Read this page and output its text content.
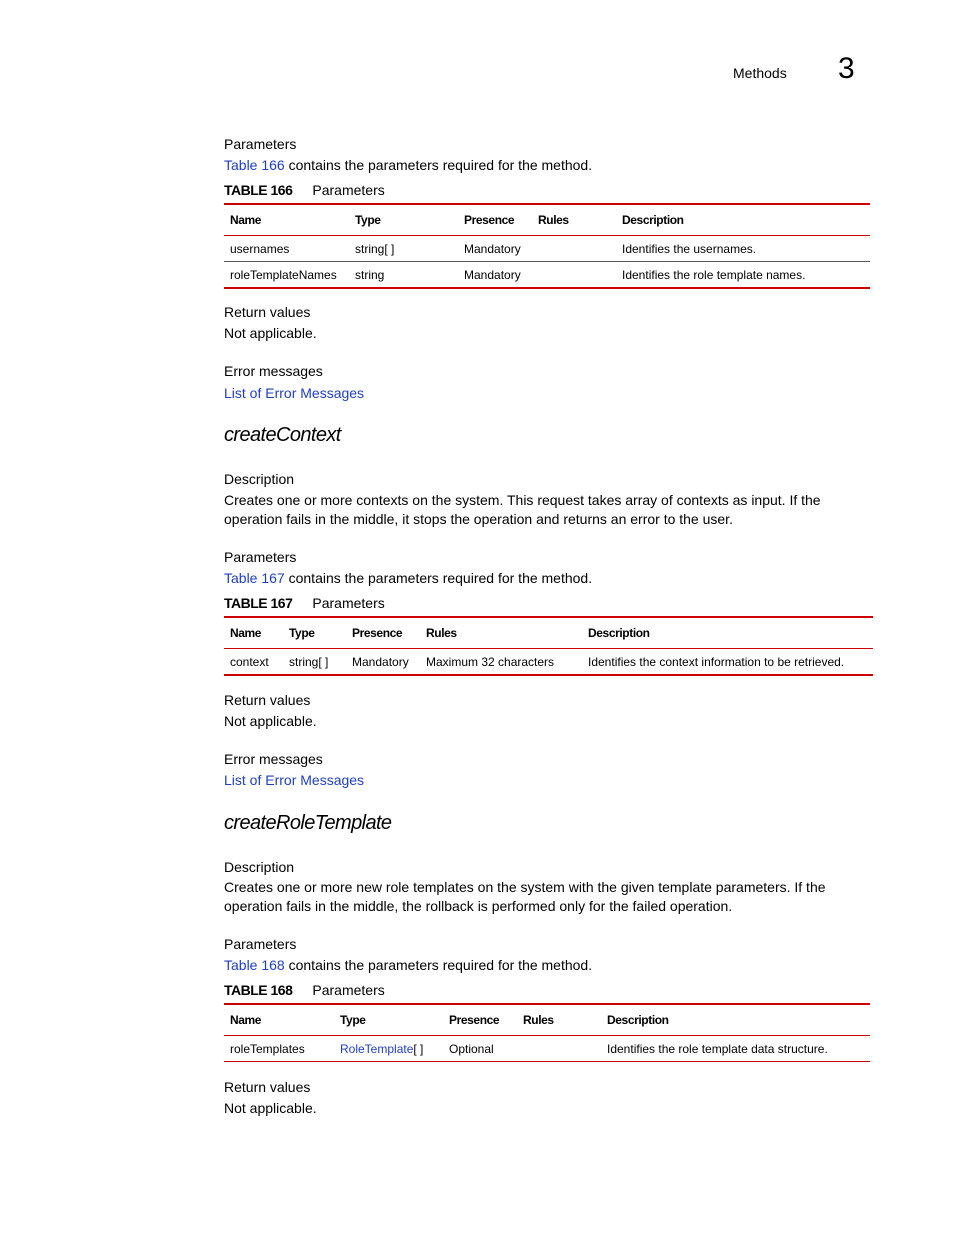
Methods 3
Parameters
Table 166 contains the parameters required for the method.
TABLE 166 Parameters
Name	Type	Presence	Rules	Description
usernames	string[ ]	Mandatory		Identifies the usernames.
roleTemplateNames	string	Mandatory		Identifies the role template names.
Return values
Not applicable.
Error messages
List of Error Messages
createContext
Description
Creates one or more contexts on the system. This request takes array of contexts as input. If the
operation fails in the middle, it stops the operation and returns an error to the user.
Parameters
Table 167 contains the parameters required for the method.
TABLE 167 Parameters
Name	Type	Presence	Rules	Description
context	string[ ]	Mandatory	Maximum 32 characters	Identifies the context information to be retrieved.
Return values
Not applicable.
Error messages
List of Error Messages
createRoleTemplate
Description
Creates one or more new role templates on the system with the given template parameters. If the
operation fails in the middle, the rollback is performed only for the failed operation.
Parameters
Table 168 contains the parameters required for the method.
TABLE 168 Parameters
Name	Type	Presence	Rules	Description
roleTemplates	RoleTemplate[ ]	Optional		Identifies the role template data structure.
Return values
Not applicable.
